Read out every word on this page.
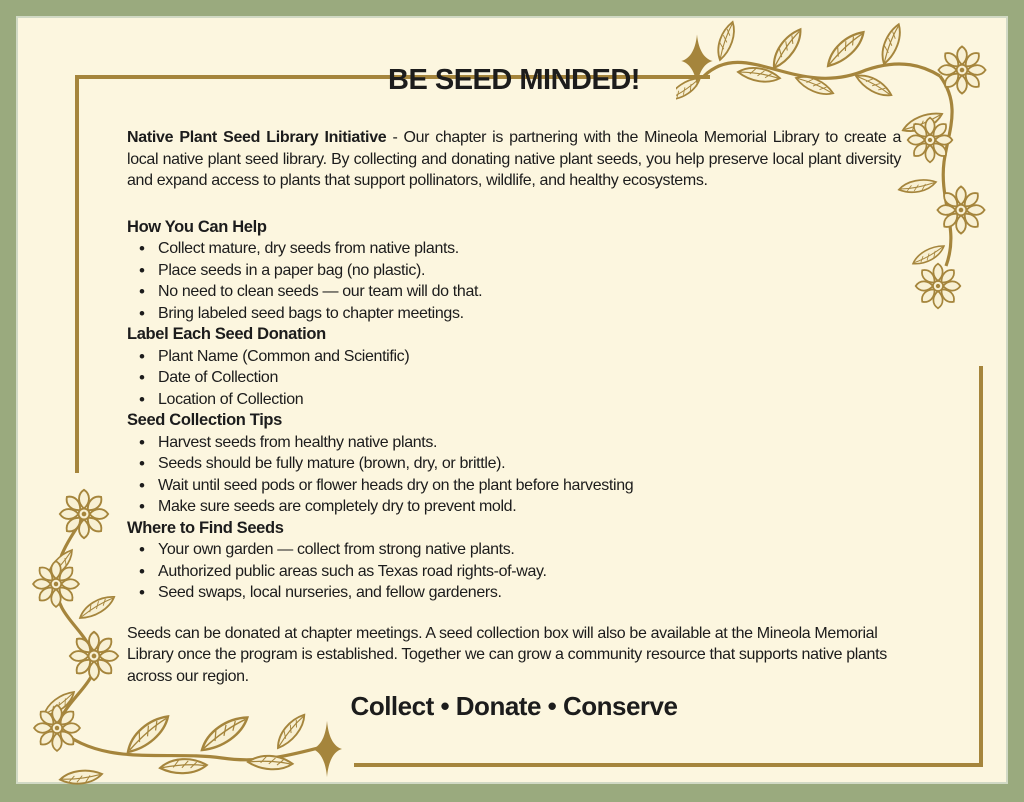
BE SEED MINDED!

Native Plant Seed Library Initiative - Our chapter is partnering with the Mineola Memorial Library to create a local native plant seed library. By collecting and donating native plant seeds, you help preserve local plant diversity and expand access to plants that support pollinators, wildlife, and healthy ecosystems.

How You Can Help
• Collect mature, dry seeds from native plants.
• Place seeds in a paper bag (no plastic).
• No need to clean seeds — our team will do that.
• Bring labeled seed bags to chapter meetings.
Label Each Seed Donation
• Plant Name (Common and Scientific)
• Date of Collection
• Location of Collection
Seed Collection Tips
• Harvest seeds from healthy native plants.
• Seeds should be fully mature (brown, dry, or brittle).
• Wait until seed pods or flower heads dry on the plant before harvesting
• Make sure seeds are completely dry to prevent mold.
Where to Find Seeds
• Your own garden — collect from strong native plants.
• Authorized public areas such as Texas road rights-of-way.
• Seed swaps, local nurseries, and fellow gardeners.

Seeds can be donated at chapter meetings. A seed collection box will also be available at the Mineola Memorial Library once the program is established. Together we can grow a community resource that supports native plants across our region.

Collect • Donate • Conserve
